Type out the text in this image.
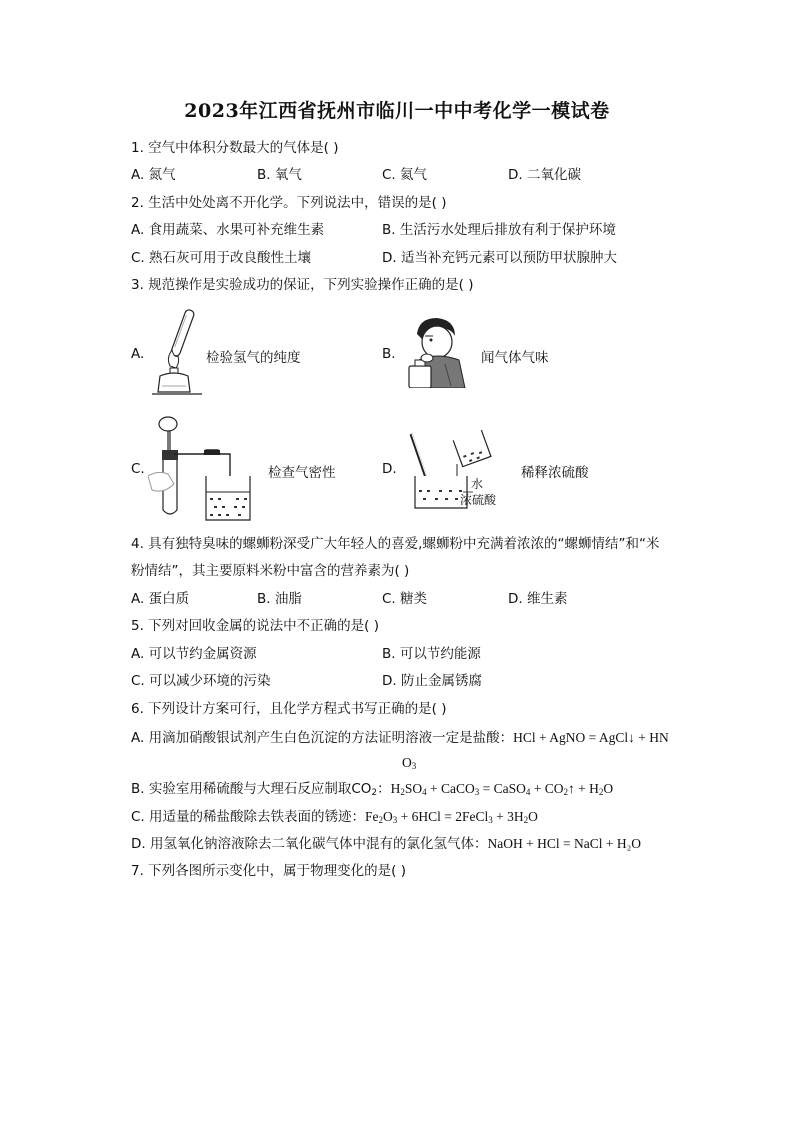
2023年江西省抚州市临川一中中考化学一模试卷
1. 空气中体积分数最大的气体是( )
A. 氮气	B. 氧气	C. 氦气	D. 二氧化碳
2. 生活中处处离不开化学。下列说法中，错误的是( )
A. 食用蔬菜、水果可补充维生素	B. 生活污水处理后排放有利于保护环境
C. 熟石灰可用于改良酸性土壤	D. 适当补充钙元素可以预防甲状腺肿大
3. 规范操作是实验成功的保证，下列实验操作正确的是( )
A.	检验氢气的纯度	B.	闻气体气味
C.	检查气密性	D.
水
浓硫酸
稀释浓硫酸
4. 具有独特臭味的螺蛳粉深受广大年轻人的喜爱,螺蛳粉中充满着浓浓的“螺蛳情结”和“米
粉情结”，其主要原料米粉中富含的营养素为( )
A. 蛋白质	B. 油脂	C. 糖类	D. 维生素
5. 下列对回收金属的说法中不正确的是( )
A. 可以节约金属资源	B. 可以节约能源
C. 可以减少环境的污染	D. 防止金属锈腐
6. 下列设计方案可行，且化学方程式书写正确的是( )
A. 用滴加硝酸银试剂产生白色沉淀的方法证明溶液一定是盐酸：HCl + AgNO = AgCl↓ + HN
$O_3$
B. 实验室用稀硫酸与大理石反应制取$CO_2$：$H_2SO_4$ + CaCO$_3$ = CaSO$_4$ + $CO_2↑ + H_2O$
C. 用适量的稀盐酸除去铁表面的锈迹：$Fe_2O_3 + 6HCl$ = 2FeCl$_3$ + $3H_2O$
D. 用氢氧化钠溶液除去二氧化碳气体中混有的氯化氢气体：NaOH + HCl = NaCl + H₂O
7. 下列各图所示变化中，属于物理变化的是( )
